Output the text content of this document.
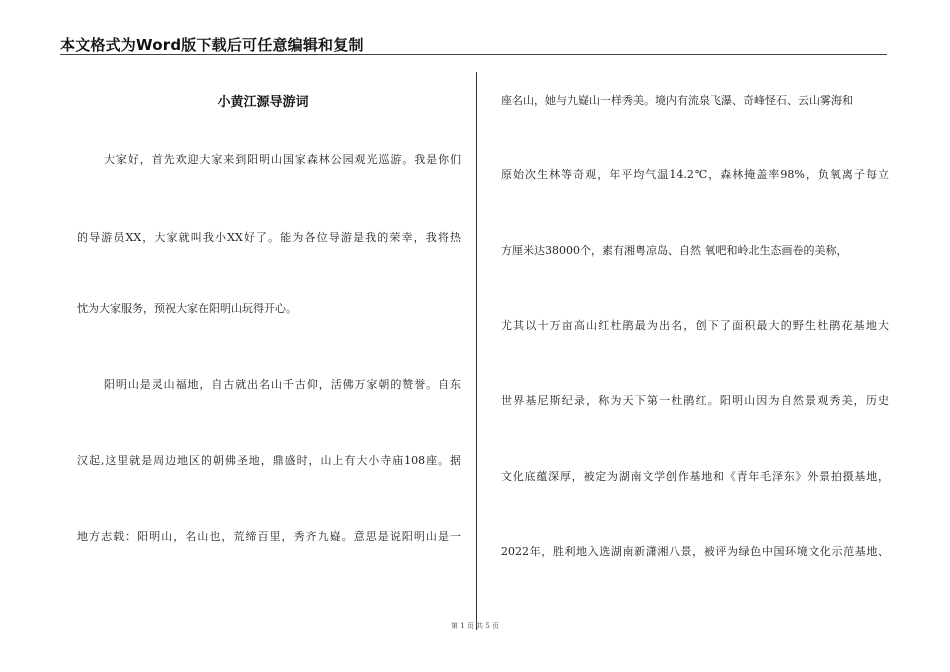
本文格式为Word版下载后可任意编辑和复制
小黄江源导游词
大家好，首先欢迎大家来到阳明山国家森林公园观光巡游。我是你们
的导游员XX，大家就叫我小XX好了。能为各位导游是我的荣幸，我将热
忱为大家服务，预祝大家在阳明山玩得开心。
阳明山是灵山福地，自古就出名山千古仰，活佛万家朝的赞誉。自东
汉起,这里就是周边地区的朝佛圣地，鼎盛时，山上有大小寺庙108座。据
地方志载：阳明山，名山也，荒缔百里，秀齐九嶷。意思是说阳明山是一
座名山，她与九嶷山一样秀美。境内有流泉飞瀑、奇峰怪石、云山雾海和
原始次生林等奇观，年平均气温14.2℃，森林掩盖率98%，负氧离子每立
方厘米达38000个，素有湘粤凉岛、自然 氧吧和岭北生态画卷的美称，
尤其以十万亩高山红杜鹃最为出名，创下了面积最大的野生杜鹃花基地大
世界基尼斯纪录，称为天下第一杜鹃红。阳明山因为自然景观秀美，历史
文化底蕴深厚，被定为湖南文学创作基地和《青年毛泽东》外景拍摄基地，
2022年，胜利地入选湖南新潇湘八景，被评为绿色中国环境文化示范基地、
第 1 页 共 5 页
